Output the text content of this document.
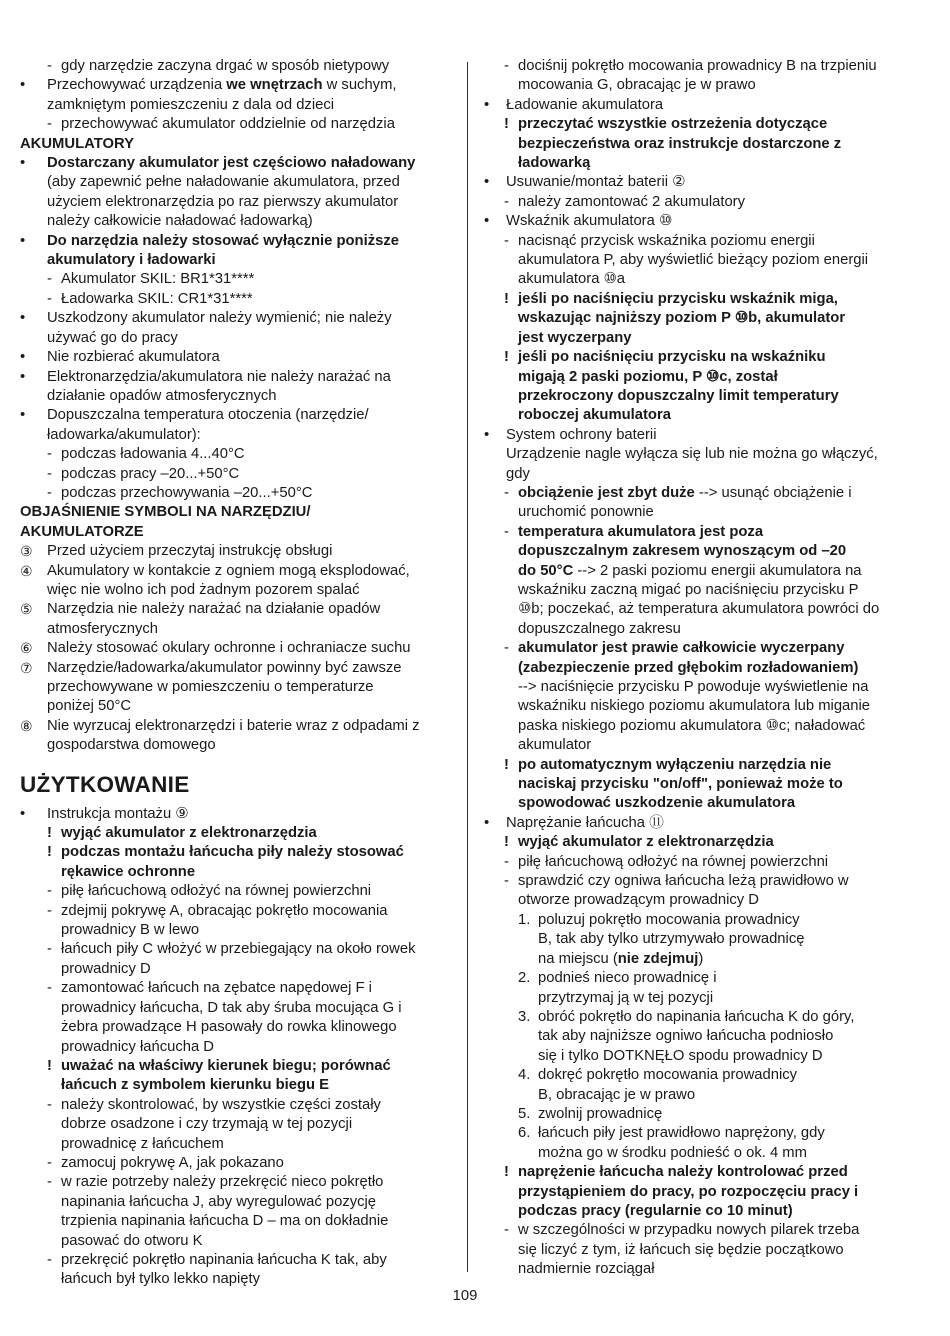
- gdy narzędzie zaczyna drgać w sposób nietypowy
• Przechowywać urządzenia we wnętrzach w suchym,
zamkniętym pomieszczeniu z dala od dzieci
- przechowywać akumulator oddzielnie od narzędzia
AKUMULATORY
• Dostarczany akumulator jest częściowo naładowany
(aby zapewnić pełne naładowanie akumulatora, przed
użyciem elektronarzędzia po raz pierwszy akumulator
należy całkowicie naładować ładowarką)
• Do narzędzia należy stosować wyłącznie poniższe
akumulatory i ładowarki
- Akumulator SKIL: BR1*31****
- Ładowarka SKIL: CR1*31****
• Uszkodzony akumulator należy wymienić; nie należy
używać go do pracy
• Nie rozbierać akumulatora
• Elektronarzędzia/akumulatora nie należy narażać na
działanie opadów atmosferycznych
• Dopuszczalna temperatura otoczenia (narzędzie/
ładowarka/akumulator):
- podczas ładowania 4...40°C
- podczas pracy –20...+50°C
- podczas przechowywania –20...+50°C
OBJAŚNIENIE SYMBOLI NA NARZĘDZIU/
AKUMULATORZE
③ Przed użyciem przeczytaj instrukcję obsługi
④ Akumulatory w kontakcie z ogniem mogą eksplodować,
więc nie wolno ich pod żadnym pozorem spalać
⑤ Narzędzia nie należy narażać na działanie opadów
atmosferycznych
⑥ Należy stosować okulary ochronne i ochraniacze suchu
⑦ Narzędzie/ładowarka/akumulator powinny być zawsze
przechowywane w pomieszczeniu o temperaturze
poniżej 50°C
⑧ Nie wyrzucaj elektronarzędzi i baterie wraz z odpadami z
gospodarstwa domowego
UŻYTKOWANIE
• Instrukcja montażu ⑨
! wyjąć akumulator z elektronarzędzia
! podczas montażu łańcucha piły należy stosować
rękawice ochronne
- piłę łańcuchową odłożyć na równej powierzchni
- zdejmij pokrywę A, obracając pokrętło mocowania
prowadnicy B w lewo
- łańcuch piły C włożyć w przebiegający na około rowek
prowadnicy D
- zamontować łańcuch na zębatce napędowej F i
prowadnicy łańcucha, D tak aby śruba mocująca G i
żebra prowadzące H pasowały do rowka klinowego
prowadnicy łańcucha D
! uważać na właściwy kierunek biegu; porównać
łańcuch z symbolem kierunku biegu E
- należy skontrolować, by wszystkie części zostały
dobrze osadzone i czy trzymają w tej pozycji
prowadnicę z łańcuchem
- zamocuj pokrywę A, jak pokazano
- w razie potrzeby należy przekręcić nieco pokrętło
napinania łańcucha J, aby wyregulować pozycję
trzpienia napinania łańcucha D – ma on dokładnie
pasować do otworu K
- przekręcić pokrętło napinania łańcucha K tak, aby
łańcuch był tylko lekko napięty
- dociśnij pokrętło mocowania prowadnicy B na trzpieniu
mocowania G, obracając je w prawo
• Ładowanie akumulatora
! przeczytać wszystkie ostrzeżenia dotyczące
bezpieczeństwa oraz instrukcje dostarczone z
ładowarką
• Usuwanie/montaż baterii ②
- należy zamontować 2 akumulatory
• Wskaźnik akumulatora ⑩
- nacisnąć przycisk wskaźnika poziomu energii
akumulatora P, aby wyświetlić bieżący poziom energii
akumulatora ⑩a
! jeśli po naciśnięciu przycisku wskaźnik miga,
wskazując najniższy poziom P ⑩b, akumulator
jest wyczerpany
! jeśli po naciśnięciu przycisku na wskaźniku
migają 2 paski poziomu, P ⑩c, został
przekroczony dopuszczalny limit temperatury
roboczej akumulatora
• System ochrony baterii
Urządzenie nagle wyłącza się lub nie można go włączyć,
gdy
- obciążenie jest zbyt duże --> usunąć obciążenie i
uruchomić ponownie
- temperatura akumulatora jest poza
dopuszczalnym zakresem wynoszącym od –20
do 50°C --> 2 paski poziomu energii akumulatora na
wskaźniku zaczną migać po naciśnięciu przycisku P
⑩b; poczekać, aż temperatura akumulatora powróci do
dopuszczalnego zakresu
- akumulator jest prawie całkowicie wyczerpany
(zabezpieczenie przed głębokim rozładowaniem)
--> naciśnięcie przycisku P powoduje wyświetlenie na
wskaźniku niskiego poziomu akumulatora lub miganie
paska niskiego poziomu akumulatora ⑩c; naładować
akumulator
! po automatycznym wyłączeniu narzędzia nie
naciskaj przycisku "on/off", ponieważ może to
spowodować uszkodzenie akumulatora
• Naprężanie łańcucha ⑪
! wyjąć akumulator z elektronarzędzia
- piłę łańcuchową odłożyć na równej powierzchni
- sprawdzić czy ogniwa łańcucha leżą prawidłowo w
otworze prowadzącym prowadnicy D
1. poluzuj pokrętło mocowania prowadnicy
B, tak aby tylko utrzymywało prowadnicę
na miejscu (nie zdejmuj)
2. podnieś nieco prowadnicę i
przytrzymaj ją w tej pozycji
3. obróć pokrętło do napinania łańcucha K do góry,
tak aby najniższe ogniwo łańcucha podniosło
się i tylko DOTKNĘŁO spodu prowadnicy D
4. dokręć pokrętło mocowania prowadnicy
B, obracając je w prawo
5. zwolnij prowadnicę
6. łańcuch piły jest prawidłowo naprężony, gdy
można go w środku podnieść o ok. 4 mm
! naprężenie łańcucha należy kontrolować przed
przystąpieniem do pracy, po rozpoczęciu pracy i
podczas pracy (regularnie co 10 minut)
- w szczególności w przypadku nowych pilarek trzeba
się liczyć z tym, iż łańcuch się będzie początkowo
nadmiernie rozciągał
109
